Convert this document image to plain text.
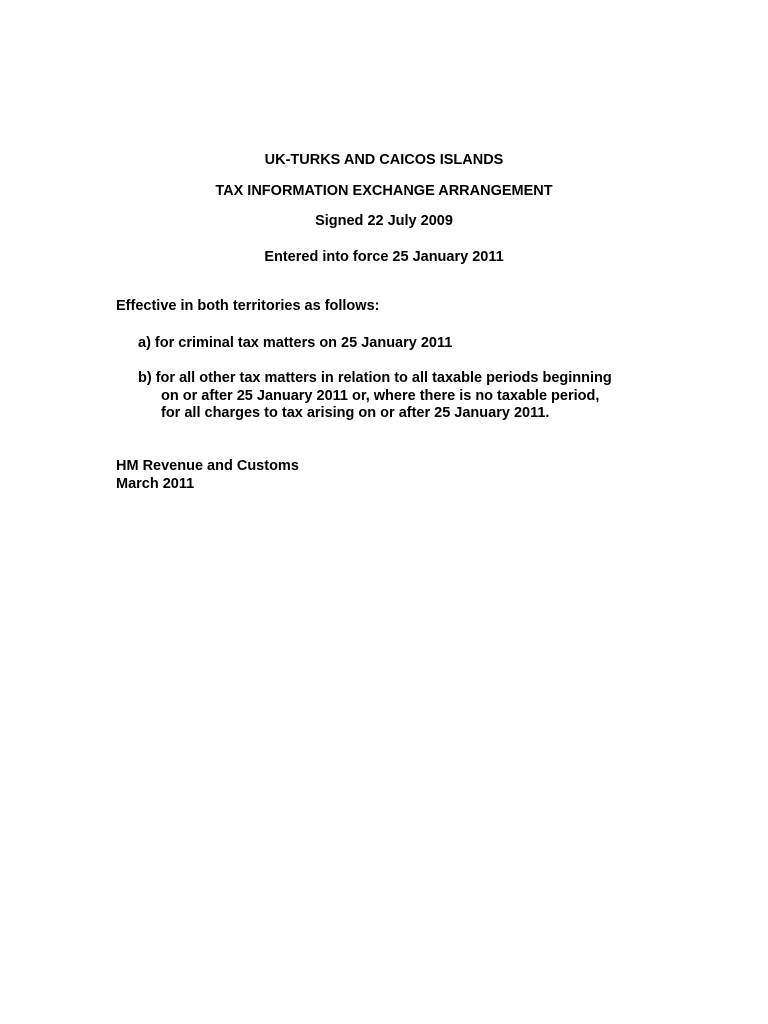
UK-TURKS AND CAICOS ISLANDS
TAX INFORMATION EXCHANGE ARRANGEMENT
Signed 22 July 2009
Entered into force 25 January 2011
Effective in both territories as follows:
a) for criminal tax matters on 25 January 2011
b) for all other tax matters in relation to all taxable periods beginning
on or after 25 January 2011 or, where there is no taxable period,
for all charges to tax arising on or after 25 January 2011.
HM Revenue and Customs
March 2011
